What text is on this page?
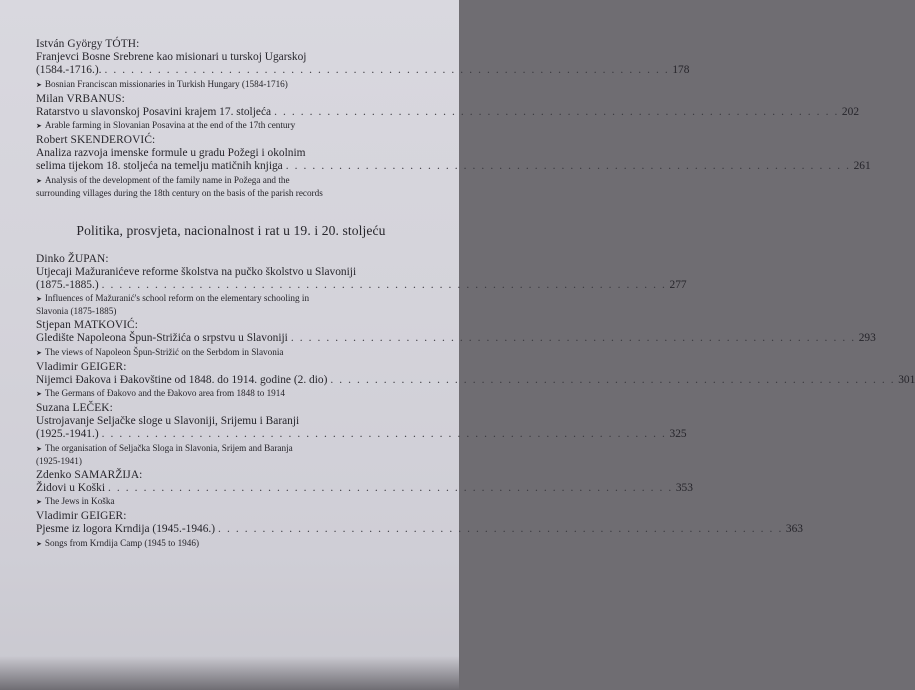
István György TÓTH:
Franjevci Bosne Srebrene kao misionari u turskoj Ugarskoj
(1584.-1716.). . . . . . . . . . . . . . . . . . . . . . . . . . . . . . . . . . . . . . . . . . . . . . . . . . . . . . . . . . . . . . . . . 178
➤ Bosnian Franciscan missionaries in Turkish Hungary (1584-1716)
Milan VRBANUS:
Ratarstvo u slavonskoj Posavini krajem 17. stoljeća . . . . . . . . . . . . . . . . . . . . . . . . . . . . . . . . . . . . . . . . . . . . . . . . . . . . . . . . . . . . . . . . 202
➤ Arable farming in Slovanian Posavina at the end of the 17th century
Robert SKENDEROVIĆ:
Analiza razvoja imenske formule u gradu Požegi i okolnim
selima tijekom 18. stoljeća na temelju matičnih knjiga . . . . . . . . . . . . . . . . . . . . . . . . . . . . . . . . . . . . . . . . . . . . . . . . . . . . . . . . . . . . . . . . 261
➤ Analysis of the development of the family name in Požega and the
surrounding villages during the 18th century on the basis of the parish records
Politika, prosvjeta, nacionalnost i rat u 19. i 20. stoljeću
Dinko ŽUPAN:
Utjecaji Mažuranićeve reforme školstva na pučko školstvo u Slavoniji
(1875.-1885.) . . . . . . . . . . . . . . . . . . . . . . . . . . . . . . . . . . . . . . . . . . . . . . . . . . . . . . . . . . . . . . . . 277
➤ Influences of Mažuranić's school reform on the elementary schooling in
Slavonia (1875-1885)
Stjepan MATKOVIĆ:
Gledište Napoleona Špun-Strižića o srpstvu u Slavoniji . . . . . . . . . . . . . . . . . . . . . . . . . . . . . . . . . . . . . . . . . . . . . . . . . . . . . . . . . . . . . . . . 293
➤ The views of Napoleon Špun-Strižić on the Serbdom in Slavonia
Vladimir GEIGER:
Nijemci Đakova i Đakovštine od 1848. do 1914. godine (2. dio) . . . . . . . . . . . . . . . . . . . . . . . . . . . . . . . . . . . . . . . . . . . . . . . . . . . . . . . . . . . . . . . . 301
➤ The Germans of Đakovo and the Đakovo area from 1848 to 1914
Suzana LEČEK:
Ustrojavanje Seljačke sloge u Slavoniji, Srijemu i Baranji
(1925.-1941.) . . . . . . . . . . . . . . . . . . . . . . . . . . . . . . . . . . . . . . . . . . . . . . . . . . . . . . . . . . . . . . . . 325
➤ The organisation of Seljačka Sloga in Slavonia, Srijem and Baranja
(1925-1941)
Zdenko SAMARŽIJA:
Židovi u Koški . . . . . . . . . . . . . . . . . . . . . . . . . . . . . . . . . . . . . . . . . . . . . . . . . . . . . . . . . . . . . . . . 353
➤ The Jews in Koška
Vladimir GEIGER:
Pjesme iz logora Krndija (1945.-1946.) . . . . . . . . . . . . . . . . . . . . . . . . . . . . . . . . . . . . . . . . . . . . . . . . . . . . . . . . . . . . . . . . 363
➤ Songs from Krndija Camp (1945 to 1946)
